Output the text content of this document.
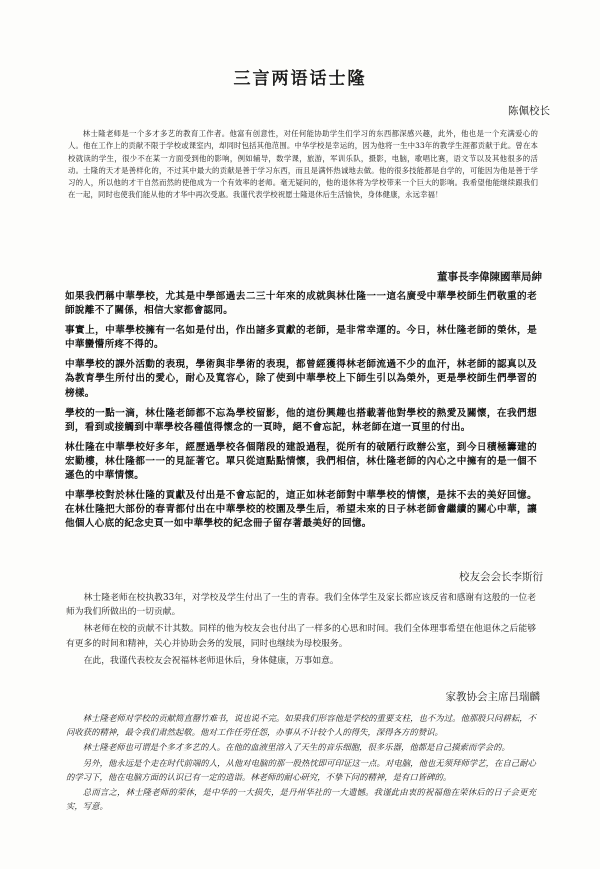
三言两语话士隆
陈佩校长

林士隆老师是一个多才多艺的教育工作者。他富有创意性，对任何能协助学生们学习的东西都深感兴趣，此外，他也是一个充满爱心的人。他在工作上的贡献不限于学校或课室内，却同时包括其他范围。中华学校是幸运的，因为他将一生中33年的教学生涯都贡献于此。曾在本校就读的学生，很少不在某一方面受到他的影响，例如辅导，数学课，旅游，军训乐队，摄影，电脑，歌唱比赛，语文节以及其他很多的活动。士隆的天才是善样化的，不过其中最大的贡献是善于学习东西，而且是满怀热诚地去做。他的很多技能都是自学的，可能因为他是善于学习的人，所以他的才干自然而然的使他成为一个有效率的老师。毫无疑问的，他的退休将为学校带来一个巨大的影响。我希望他能继续跟我们在一起，同时也使我们能从他的才华中再次受惠。我谨代表学校祝愿士隆退休后生活愉快，身体健康，永远幸福！

董事長李偉陳國華局紳

如果我們稱中華學校，尤其是中學部過去二三十年來的成就與林仕隆一一這名廣受中華學校師生們敬重的老師說離不了關係，相信大家都會認同。

事實上，中華學校擁有一名如是付出，作出諸多貢獻的老師，是非常幸運的。今日，林仕隆老師的榮休，是中華蠻懵所疼不得的。

中華學校的課外活動的表現，學術與非學術的表現，都曾經獲得林老師流過不少的血汗，林老師的認真以及為教育學生所付出的愛心，耐心及寬容心，除了使到中華學校上下師生引以為榮外，更是學校師生們學習的榜樣。

學校的一點一滴，林仕隆老師都不忘為學校留影，他的這份興趣也搭載著他對學校的熱愛及關懷，在我們想到，看到或接觸到中華學校各種值得懷念的一頁時，絕不會忘記，林老師在這一頁里的付出。

林仕隆在中華學校好多年，經歷過學校各個階段的建設過程，從所有的破陋行政辦公室，到今日積極籌建的宏勤樓，林仕隆都一一的見証著它。單只從這點點情懷，我們相信，林仕隆老師的內心之中擁有的是一個不遜色的中華情懷。

中華學校對於林仕隆的貢獻及付出是不會忘記的，這正如林老師對中華學校的情懷，是抹不去的美好回憶。在林仕隆把大部份的春青都付出在中華學校的校園及學生后，希望未來的日子林老師會繼續的關心中華，讓他個人心底的紀念史頁一如中華學校的紀念冊子留存著最美好的回憶。

校友会会长李斯衍

林士隆老师在校执教33年，对学校及学生付出了一生的青春。我们全体学生及家长都应该反省和感谢有这般的一位老师为我们所做出的一切贡献。

林老师在校的贡献不计其数。同样的他为校友会也付出了一样多的心思和时间。我们全体理事希望在他退休之后能够有更多的时间和精神，关心并协助会务的发展，同时也继续为母校服务。

在此，我谨代表校友会祝福林老师退休后，身体健康，万事如意。

家教协会主席吕瑞麟

林士隆老师对学校的贡献简直罄竹难书，说也说不完。如果我们形容他是学校的重要支柱，也不为过。他那股只问耕耘，不问收获的精神，最令我们肃然起敬。他对工作任劳任怨，办事从不计较个人的得失，深得各方的赞识。

林士隆老师也可谓是个多才多艺的人。在他的血液里溶入了天生的音乐细胞，很多乐器，他都是自己摸索而学会的。

另外，他永远是个走在时代前端的人，从他对电脑的那一股热忱即可印证这一点。对电脑，他也无须拜师学艺，在自己耐心的学习下，他在电脑方面的认识已有一定的造诣。林老师的耐心研究，不挚下问的精神，是有口皆碑的。

总而言之，林士隆老师的荣休，是中华的一大损失，是丹州华社的一大遗憾。我谨此由衷的祝福他在荣休后的日子会更充实，写意。
